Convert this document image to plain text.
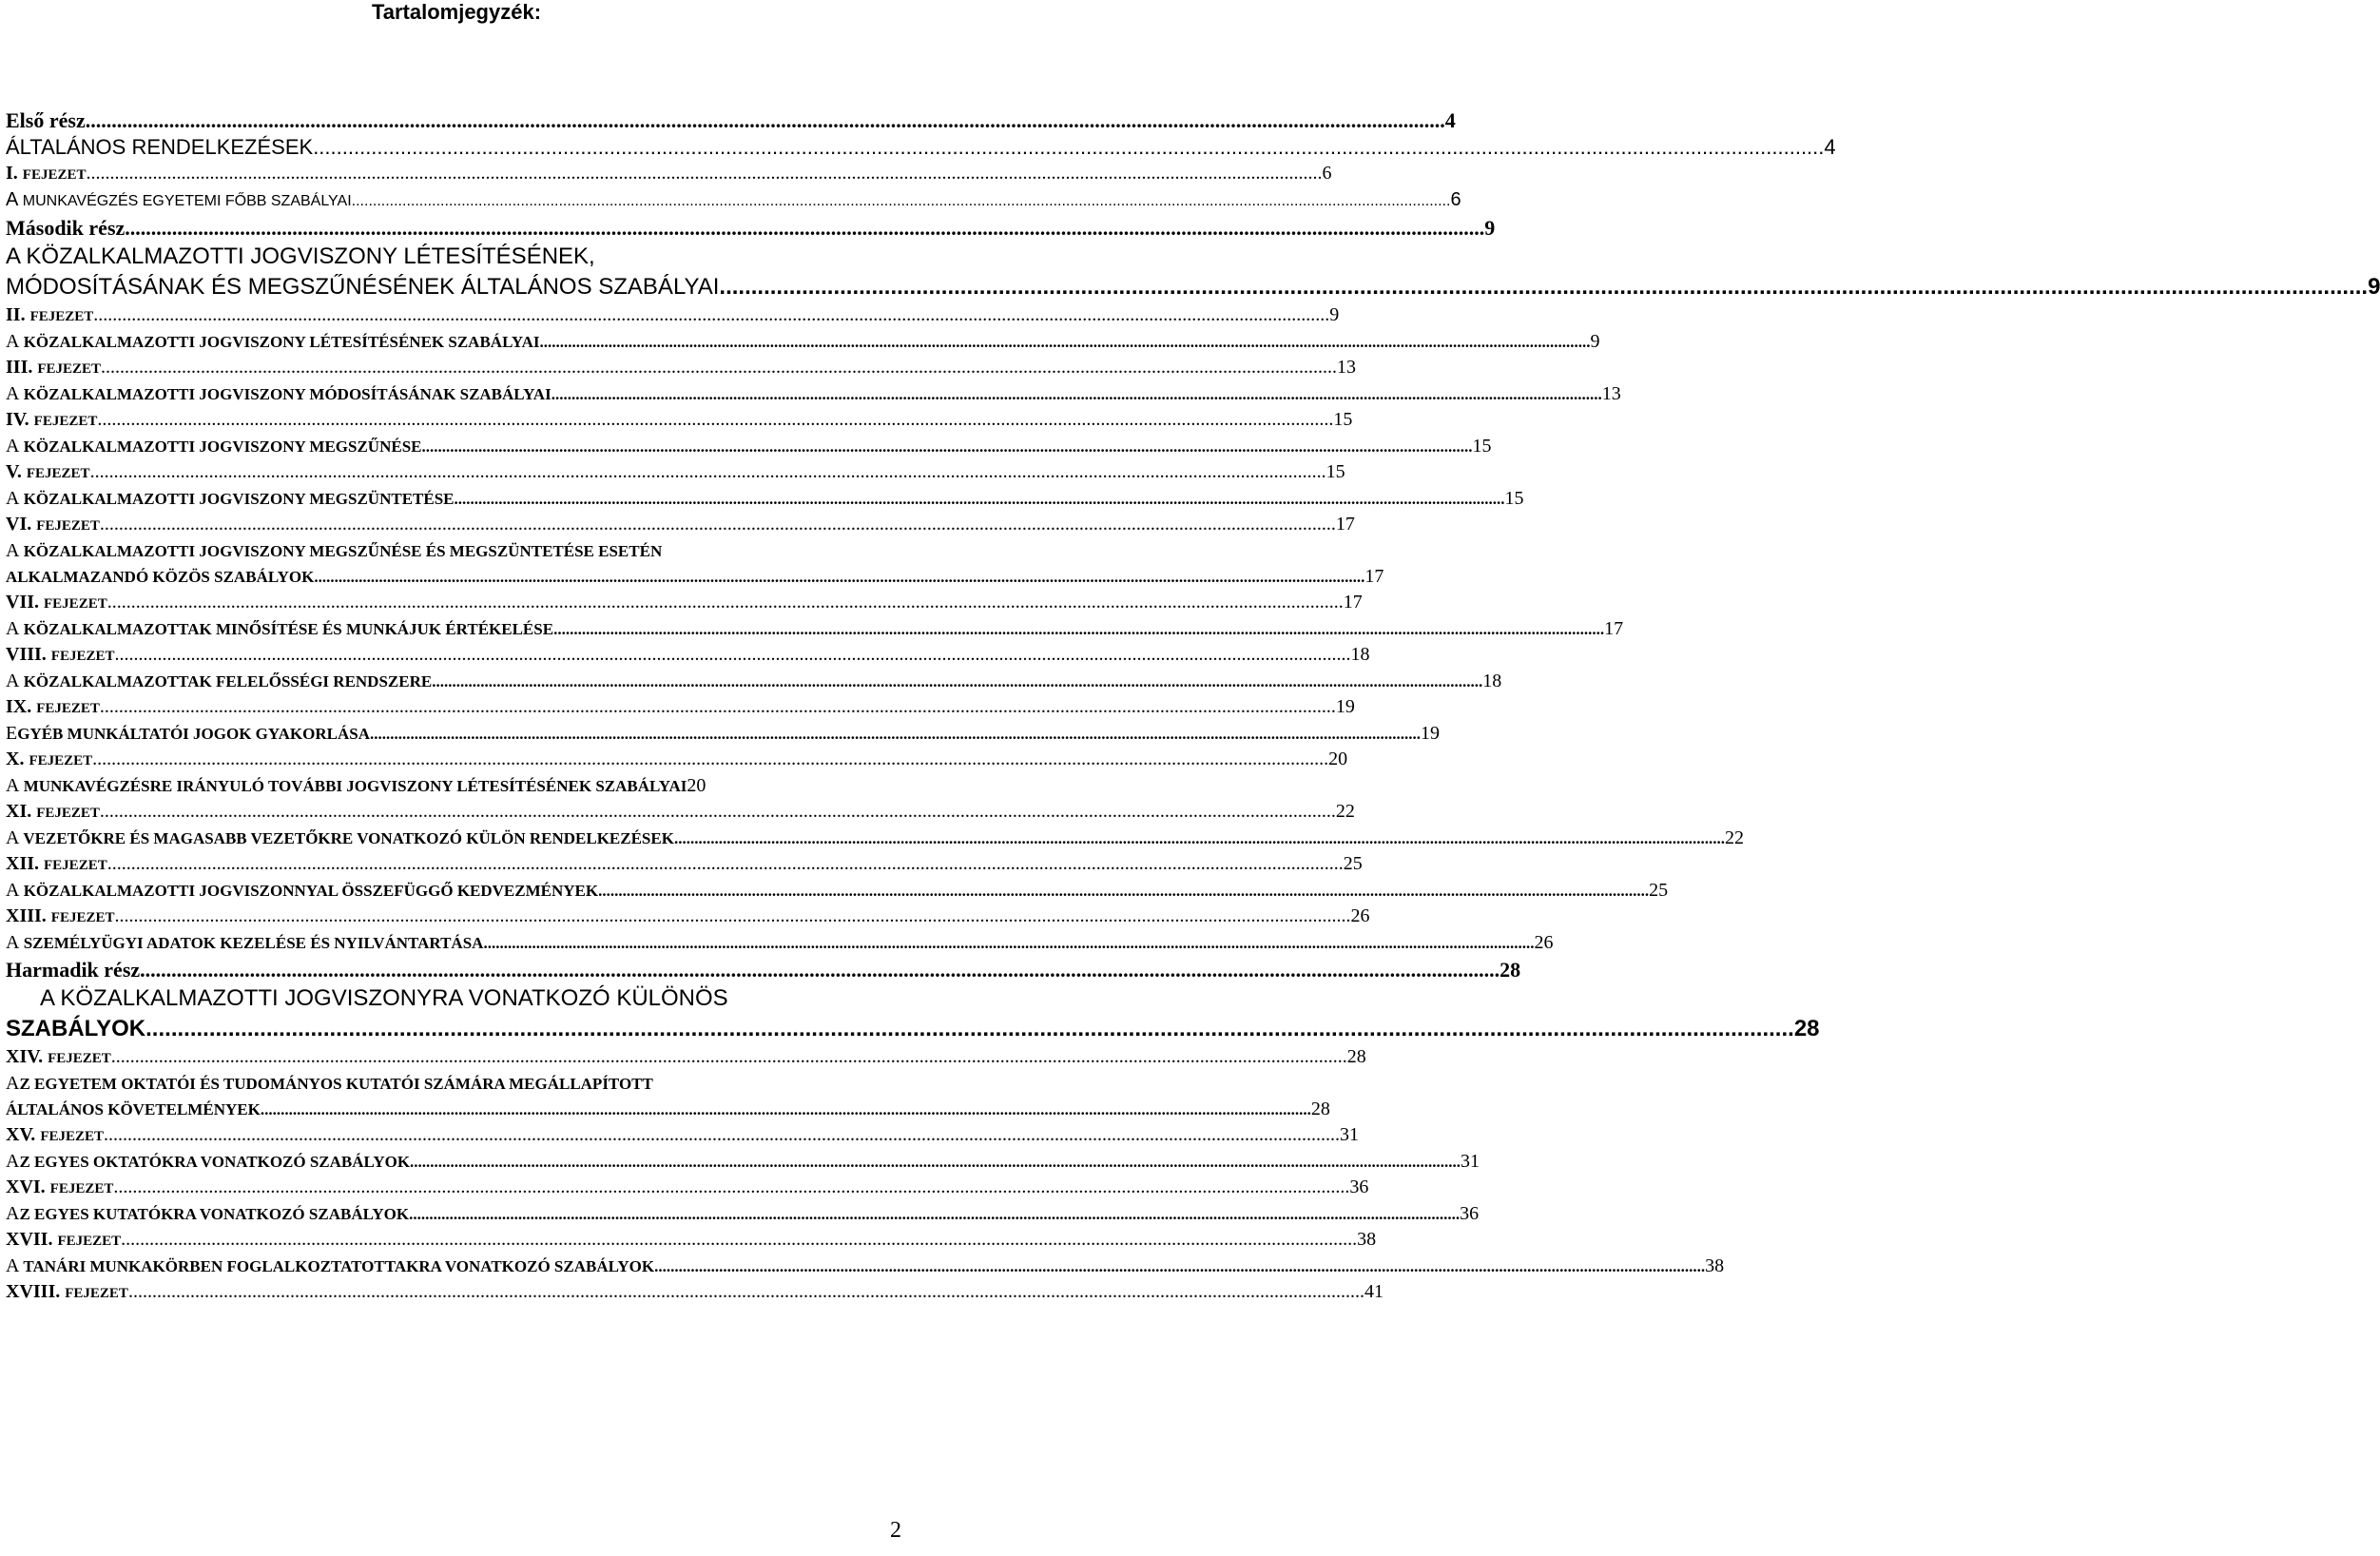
Tartalomjegyzék:
Első rész .....	4
ÁLTALÁNOS RENDELKEZÉSEK .....	4
I. FEJEZET .....	6
A MUNKAVÉGZÉS EGYETEMI FŐBB SZABÁLYAI .....	6
Második rész .....	9
A KÖZALKALMAZOTTI JOGVISZONY LÉTESÍTÉSÉNEK,
MÓDOSÍTÁSÁNAK ÉS MEGSZŰNÉSÉNEK ÁLTALÁNOS SZABÁLYAI .....	9
II. FEJEZET .....	9
A KÖZALKALMAZOTTI JOGVISZONY LÉTESÍTÉSÉNEK SZABÁLYAI .....	9
III. FEJEZET .....	13
A KÖZALKALMAZOTTI JOGVISZONY MÓDOSÍTÁSÁNAK SZABÁLYAI .....	13
IV. FEJEZET .....	15
A KÖZALKALMAZOTTI JOGVISZONY MEGSZŰNÉSE .....	15
V. FEJEZET .....	15
A KÖZALKALMAZOTTI JOGVISZONY MEGSZÜNTETÉSE .....	15
VI. FEJEZET .....	17
A KÖZALKALMAZOTTI JOGVISZONY MEGSZŰNÉSE ÉS MEGSZÜNTETÉSE ESETÉN
ALKALMAZANDÓ KÖZÖS SZABÁLYOK .....	17
VII. FEJEZET .....	17
A KÖZALKALMAZOTTAK MINŐSÍTÉSE ÉS MUNKÁJUK ÉRTÉKELÉSE .....	17
VIII. FEJEZET .....	18
A KÖZALKALMAZOTTAK FELELŐSSÉGI RENDSZERE .....	18
IX. FEJEZET .....	19
EGYÉB MUNKÁLTATÓI JOGOK GYAKORLÁSA .....	19
X. FEJEZET .....	20
A MUNKAVÉGZÉSRE IRÁNYULÓ TOVÁBBI JOGVISZONY LÉTESÍTÉSÉNEK SZABÁLYAI 20
XI. FEJEZET .....	22
A VEZETŐKRE ÉS MAGASABB VEZETŐKRE VONATKOZÓ KÜLÖN RENDELKEZÉSEK .....	22
XII. FEJEZET .....	25
A KÖZALKALMAZOTTI JOGVISZONNYAL ÖSSZEFÜGGŐ KEDVEZMÉNYEK .....	25
XIII. FEJEZET .....	26
A SZEMÉLYÜGYI ADATOK KEZELÉSE ÉS NYILVÁNTARTÁSA .....	26
Harmadik rész .....	28
A KÖZALKALMAZOTTI JOGVISZONYRA VONATKOZÓ KÜLÖNÖS
SZABÁLYOK .....	28
XIV. FEJEZET .....	28
AZ EGYETEM OKTATÓI ÉS TUDOMÁNYOS KUTATÓI SZÁMÁRA MEGÁLLAPÍTOTT
ÁLTALÁNOS KÖVETELMÉNYEK .....	28
XV. FEJEZET .....	31
AZ EGYES OKTATÓKRA VONATKOZÓ SZABÁLYOK .....	31
XVI. FEJEZET .....	36
AZ EGYES KUTATÓKRA VONATKOZÓ SZABÁLYOK .....	36
XVII. FEJEZET .....	38
A TANÁRI MUNKAKÖRBEN FOGLALKOZTATOTTAKRA VONATKOZÓ SZABÁLYOK .....	38
XVIII. FEJEZET .....	41
2
